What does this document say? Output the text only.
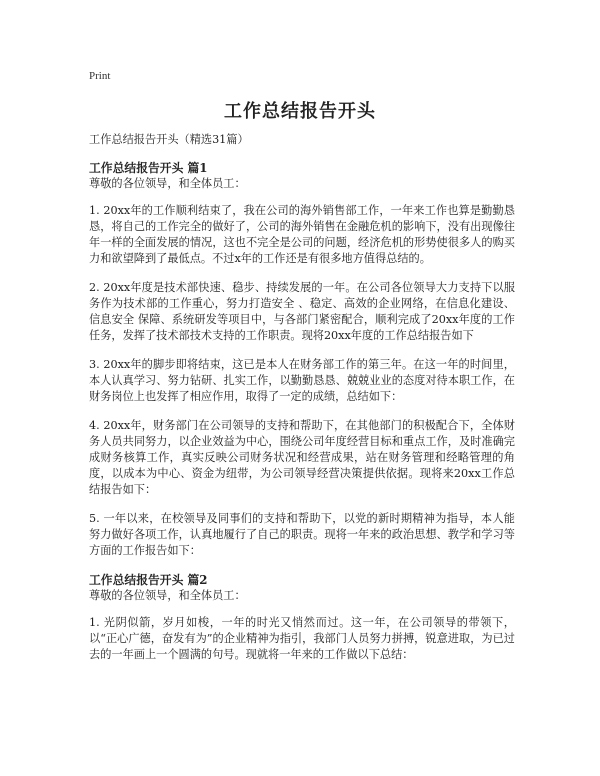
Print
工作总结报告开头

工作总结报告开头（精选31篇）

工作总结报告开头 篇1

尊敬的各位领导，和全体员工：

1. 20xx年的工作顺利结束了，我在公司的海外销售部工作，一年来工作也算是勤勤恳恳，将自己的工作完全的做好了，公司的海外销售在金融危机的影响下，没有出现像往年一样的全面发展的情况，这也不完全是公司的问题，经济危机的形势使很多人的购买力和欲望降到了最低点。不过x年的工作还是有很多地方值得总结的。

2. 20xx年度是技术部快速、稳步、持续发展的一年。在公司各位领导大力支持下以服务作为技术部的工作重心，努力打造安全 、稳定、高效的企业网络，在信息化建设、信息安全 保障、系统研发等项目中，与各部门紧密配合，顺利完成了20xx年度的工作任务，发挥了技术部技术支持的工作职责。现将20xx年度的工作总结报告如下

3. 20xx年的脚步即将结束，这已是本人在财务部工作的第三年。在这一年的时间里，本人认真学习、努力钻研、扎实工作，以勤勤恳恳、兢兢业业的态度对待本职工作，在财务岗位上也发挥了相应作用，取得了一定的成绩，总结如下：

4. 20xx年，财务部门在公司领导的支持和帮助下，在其他部门的积极配合下，全体财务人员共同努力，以企业效益为中心，围绕公司年度经营目标和重点工作，及时准确完成财务核算工作，真实反映公司财务状况和经营成果，站在财务管理和经略管理的角度，以成本为中心、资金为纽带，为公司领导经营决策提供依据。现将来20xx工作总结报告如下：

5. 一年以来，在校领导及同事们的支持和帮助下，以党的新时期精神为指导，本人能努力做好各项工作，认真地履行了自己的职责。现将一年来的政治思想、教学和学习等方面的工作报告如下：

工作总结报告开头 篇2

尊敬的各位领导，和全体员工：

1. 光阴似箭，岁月如梭，一年的时光又悄然而过。这一年，在公司领导的带领下，以“正心广德，奋发有为”的企业精神为指引，我部门人员努力拼搏，锐意进取，为已过去的一年画上一个圆满的句号。现就将一年来的工作做以下总结：
